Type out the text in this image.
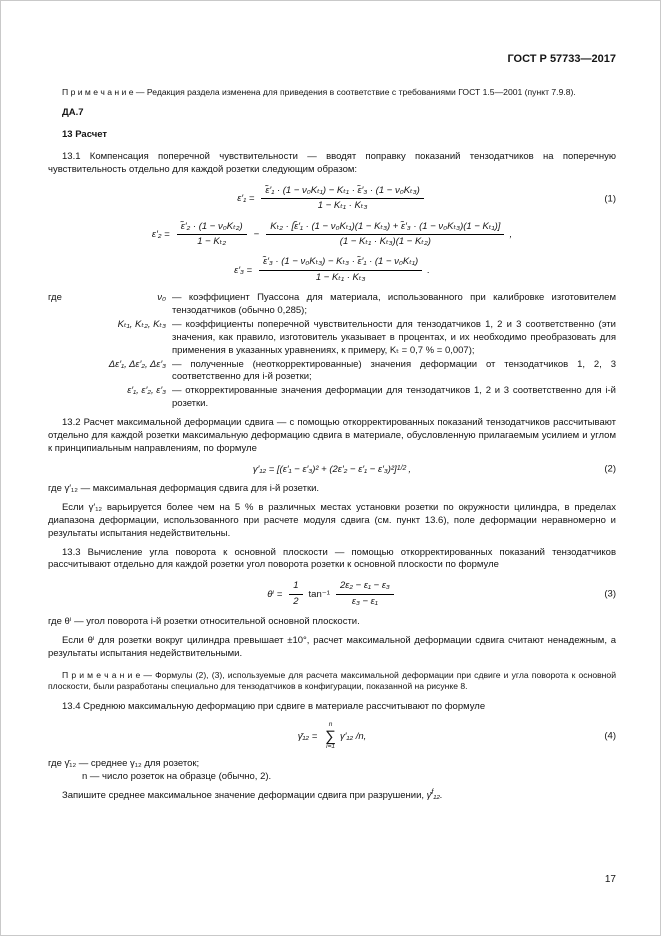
ГОСТ Р 57733—2017

П р и м е ч а н и е — Редакция раздела изменена для приведения в соответствие с требованиями ГОСТ 1.5—2001 (пункт 7.9.8).

ДА.7

13 Расчет

13.1 Компенсация поперечной чувствительности — вводят поправку показаний тензодатчиков на поперечную чувствительность отдельно для каждой розетки следующим образом:

$\varepsilon'_1 = \frac{\text{ε̃′₁ · (1 − ν₀Kₜ₁) − Kₜ₁ · ε̃′₃ · (1 − ν₀Kₜ₃)}}{\text{1 − Kₜ₁ · Kₜ₃}}$	(1)
$\varepsilon'_2 = \frac{\text{ε̃′₂ · (1 − ν₀Kₜ₂)}}{\text{1 − Kₜ₂}}$ −
Kₜ₂ · [ε̃′₁ · (1 − ν₀Kₜ₁)(1 − Kₜ₃) + ε̃′₃ · (1 − ν₀Kₜ₃)(1 − Kₜ₁)]
(1 − Kₜ₁ · Kₜ₃)(1 − Kₜ₂)
,
$\varepsilon'_3 = \frac{\text{ε̃′₃ · (1 − ν₀Kₜ₃) − Kₜ₃ · ε̃′₁ · (1 − ν₀Kₜ₁)}}{\text{1 − Kₜ₁ · Kₜ₃}}$ .
где	ν₀ — коэффициент Пуассона для материала, использованного при калибровке изготовителем тензодатчиков (обычно 0,285);
Kₜ₁, Kₜ₂, Kₜ₃ — коэффициенты поперечной чувствительности для тензодатчиков 1, 2 и 3 соответственно (эти значения, как правило, изготовитель указывает в процентах, и их необходимо преобразовать для применения в указанных уравнениях, к примеру, Kₜ = 0,7 % = 0,007);
Δε′₁, Δε′₂, Δε′₃ — полученные (неоткорректированные) значения деформации от тензодатчиков 1, 2, 3 соответственно для i-й розетки;
ε′₁, ε′₂, ε′₃ — откорректированные значения деформации для тензодатчиков 1, 2 и 3 соответственно для i-й розетки.

13.2 Расчет максимальной деформации сдвига — с помощью откорректированных показаний тензодатчиков рассчитывают отдельно для каждой розетки максимальную деформацию сдвига в материале, обусловленную прилагаемым усилием и углом к принципиальным направлениям, по формуле

γ′₁₂ = [(ε′₁ − ε′₃)² + (2ε′₂ − ε′₁ − ε′₃)²] 1/2 ,	(2)

где γ′₁₂ — максимальная деформация сдвига для i-й розетки.

Если γ′₁₂ варьируется более чем на 5 % в различных местах установки розетки по окружности цилиндра, в пределах диапазона деформации, использованного при расчете модуля сдвига (см. пункт 13.6), поле деформации неравномерно и результаты испытания недействительны.

13.3 Вычисление угла поворота к основной плоскости — помощью откорректированных показаний тензодатчиков рассчитывают отдельно для каждой розетки угол поворота розетки к основной плоскости по формуле

$\theta^i = \frac{1}{2} \tan^{-1} \frac{\text{2ε₂ − ε₁ − ε₃}}{\text{ε₃ − ε₁}}$	(3)

где θⁱ — угол поворота i-й розетки относительной основной плоскости.

Если θⁱ для розетки вокруг цилиндра превышает ±10°, расчет максимальной деформации сдвига считают ненадежным, а результаты испытания недействительными.

П р и м е ч а н и е — Формулы (2), (3), используемые для расчета максимальной деформации при сдвиге и угла поворота к основной плоскости, были разработаны специально для тензодатчиков в конфигурации, показанной на рисунке 8.

13.4 Среднюю максимальную деформацию при сдвиге в материале рассчитывают по формуле

γ̄₁₂ =
n
∑
i=1
γ′₁₂ /n,	(4)

где γ̄₁₂ — среднее γ₁₂ для розеток;

n — число розеток на образце (обычно, 2).

Запишите среднее максимальное значение деформации сдвига при разрушении, γ̄$^f$₁₂.

17
